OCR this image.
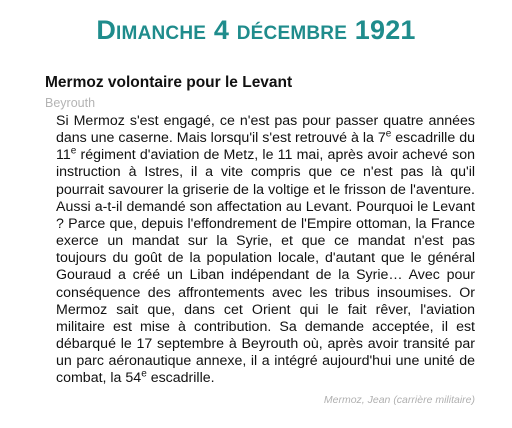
Dimanche 4 décembre 1921
Mermoz volontaire pour le Levant
Beyrouth

Si Mermoz s'est engagé, ce n'est pas pour passer quatre années dans une caserne. Mais lorsqu'il s'est retrouvé à la 7e escadrille du 11e régiment d'aviation de Metz, le 11 mai, après avoir achevé son instruction à Istres, il a vite compris que ce n'est pas là qu'il pourrait savourer la griserie de la voltige et le frisson de l'aventure. Aussi a-t-il demandé son affectation au Levant. Pourquoi le Levant ? Parce que, depuis l'effondrement de l'Empire ottoman, la France exerce un mandat sur la Syrie, et que ce mandat n'est pas toujours du goût de la population locale, d'autant que le général Gouraud a créé un Liban indépendant de la Syrie… Avec pour conséquence des affrontements avec les tribus insoumises. Or Mermoz sait que, dans cet Orient qui le fait rêver, l'aviation militaire est mise à contribution. Sa demande acceptée, il est débarqué le 17 septembre à Beyrouth où, après avoir transité par un parc aéronautique annexe, il a intégré aujourd'hui une unité de combat, la 54e escadrille.

Mermoz, Jean (carrière militaire)
